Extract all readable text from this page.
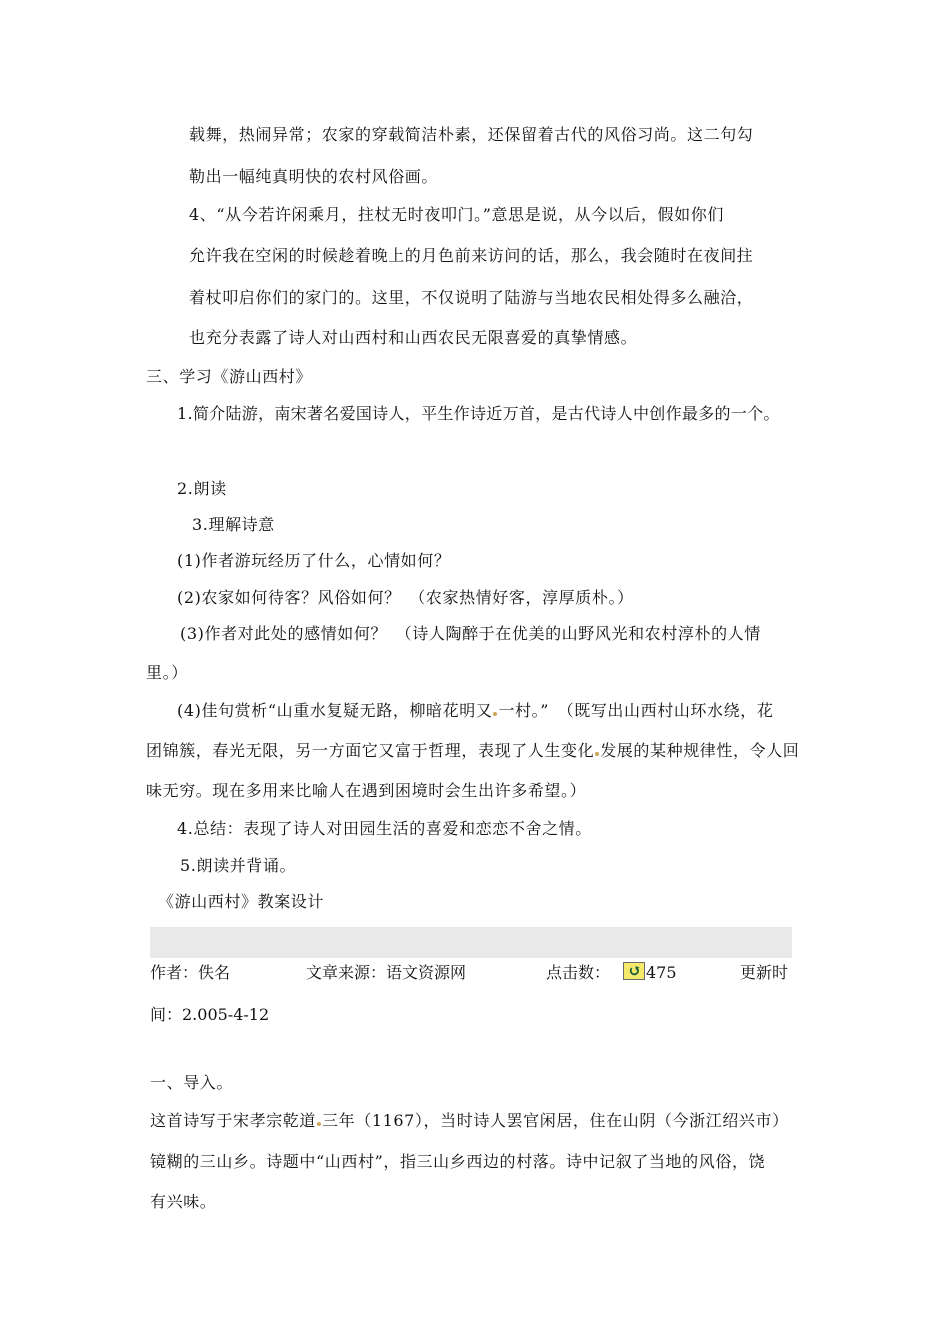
载舞，热闹异常；农家的穿载简洁朴素，还保留着古代的风俗习尚。这二句勾
勒出一幅纯真明快的农村风俗画。
4、“从今若许闲乘月，拄杖无时夜叩门。”意思是说，从今以后，假如你们
允许我在空闲的时候趁着晚上的月色前来访问的话，那么，我会随时在夜间拄
着杖叩启你们的家门的。这里，不仅说明了陆游与当地农民相处得多么融洽，
也充分表露了诗人对山西村和山西农民无限喜爱的真挚情感。
三、学习《游山西村》
1.简介陆游，南宋著名爱国诗人，平生作诗近万首，是古代诗人中创作最多的一个。
2.朗读
3.理解诗意
(1)作者游玩经历了什么，心情如何？
(2)农家如何待客？风俗如何？　（农家热情好客，淳厚质朴。）
(3)作者对此处的感情如何？　（诗人陶醉于在优美的山野风光和农村淳朴的人情
里。）
(4)佳句赏析“山重水复疑无路，柳暗花明又 一村。”　（既写出山西村山环水绕，花
团锦簇，春光无限，另一方面它又富于哲理，表现了人生变化 发展的某种规律性，令人回
味无穷。现在多用来比喻人在遇到困境时会生出许多希望。）
4.总结：表现了诗人对田园生活的喜爱和恋恋不舍之情。
5.朗读并背诵。
《游山西村》教案设计
作者：佚名	文章来源：语文资源网	点击数： ↺ 475	更新时
间：2.005-4-12
一、导入。
这首诗写于宋孝宗乾道 三年（1167），当时诗人罢官闲居，住在山阴（今浙江绍兴市）
镜糊的三山乡。诗题中“山西村”，指三山乡西边的村落。诗中记叙了当地的风俗，饶
有兴味。
